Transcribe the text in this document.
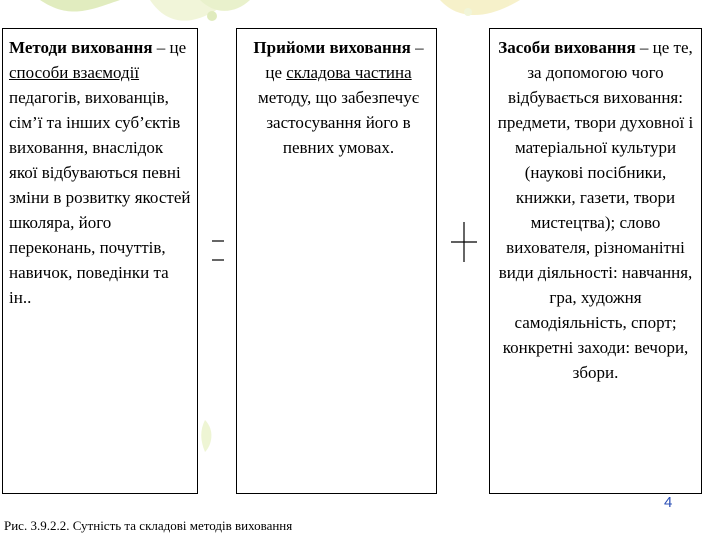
Методи виховання – це способи взаємодії педагогів, вихованців, сім’ї та інших суб’єктів виховання, внаслідок якої відбуваються певні зміни в розвитку якостей школяра, його переконань, почуттів, навичок, поведінки та ін..

-

Прийоми виховання – це складова частина методу, що забезпечує застосування його в певних умовах.

+

Засоби виховання – це те, за допомогою чого відбувається виховання: предмети, твори духовної і матеріальної культури (наукові посібники, книжки, газети, твори мистецтва); слово вихователя, різноманітні види діяльності: навчання, гра, художня самодіяльність, спорт; конкретні заходи: вечори, збори.

4
Рис. 3.9.2.2. Сутність та складові методів виховання
